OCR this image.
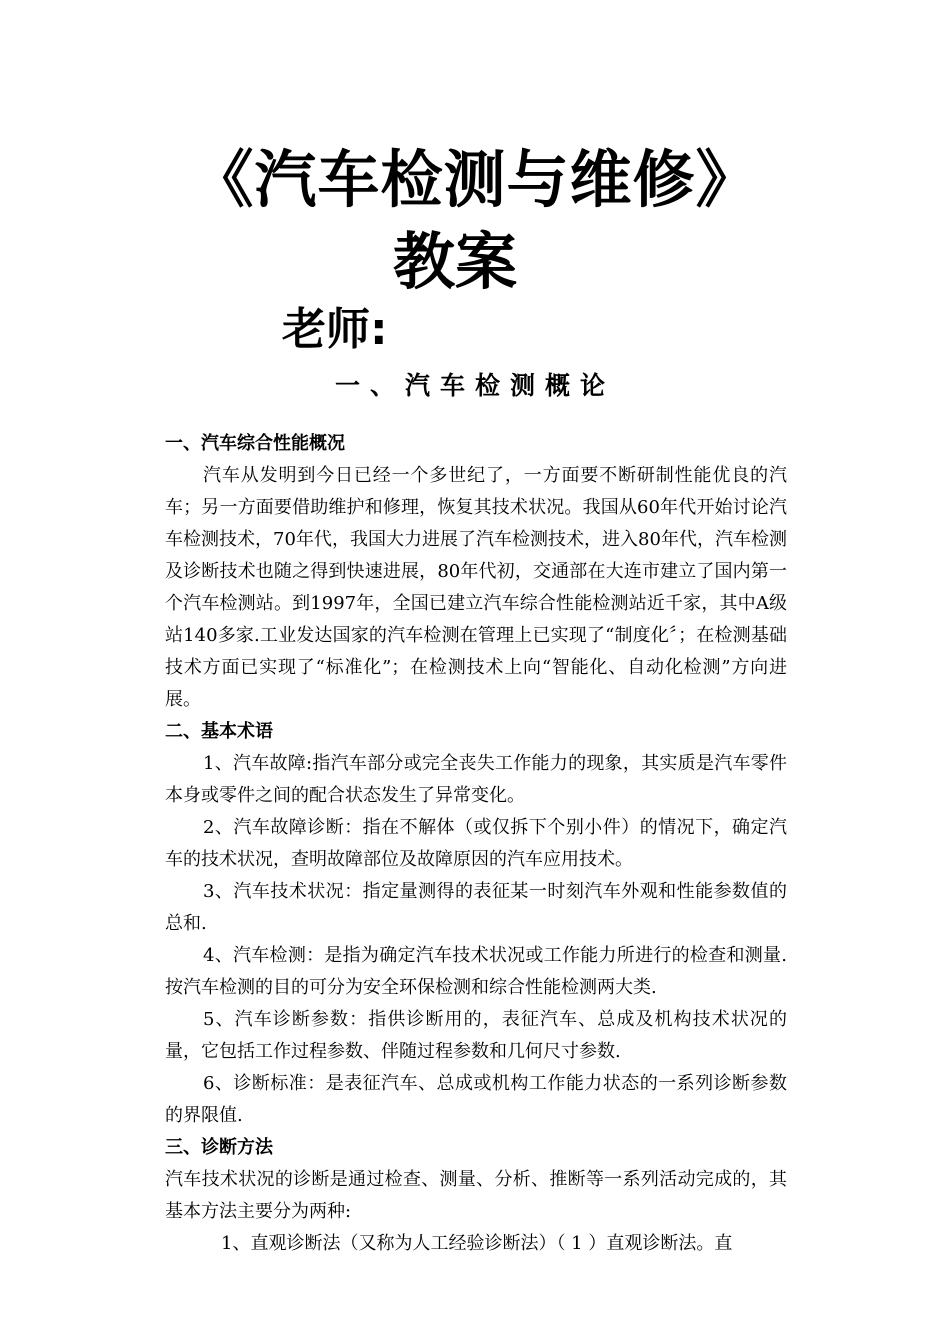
《汽车检测与维修》
教案
老师:
一、汽车检测概论
一、汽车综合性能概况

汽车从发明到今日已经一个多世纪了，一方面要不断研制性能优良的汽车；另一方面要借助维护和修理，恢复其技术状况。我国从60年代开始讨论汽车检测技术，70年代，我国大力进展了汽车检测技术，进入80年代，汽车检测及诊断技术也随之得到快速进展，80年代初，交通部在大连市建立了国内第一个汽车检测站。到1997年，全国已建立汽车综合性能检测站近千家，其中A级站140多家.工业发达国家的汽车检测在管理上已实现了“制度化〞；在检测基础技术方面已实现了“标准化”；在检测技术上向“智能化、自动化检测”方向进展。

二、基本术语

1、汽车故障:指汽车部分或完全丧失工作能力的现象，其实质是汽车零件本身或零件之间的配合状态发生了异常变化。

2、汽车故障诊断：指在不解体（或仅拆下个别小件）的情况下，确定汽车的技术状况，查明故障部位及故障原因的汽车应用技术。

3、汽车技术状况：指定量测得的表征某一时刻汽车外观和性能参数值的总和.

4、汽车检测：是指为确定汽车技术状况或工作能力所进行的检查和测量.按汽车检测的目的可分为安全环保检测和综合性能检测两大类.

5、汽车诊断参数：指供诊断用的，表征汽车、总成及机构技术状况的量，它包括工作过程参数、伴随过程参数和几何尺寸参数.

6、诊断标准：是表征汽车、总成或机构工作能力状态的一系列诊断参数的界限值.

三、诊断方法

汽车技术状况的诊断是通过检查、测量、分析、推断等一系列活动完成的，其基本方法主要分为两种:

1、直观诊断法（又称为人工经验诊断法）（ 1 ）直观诊断法。直
